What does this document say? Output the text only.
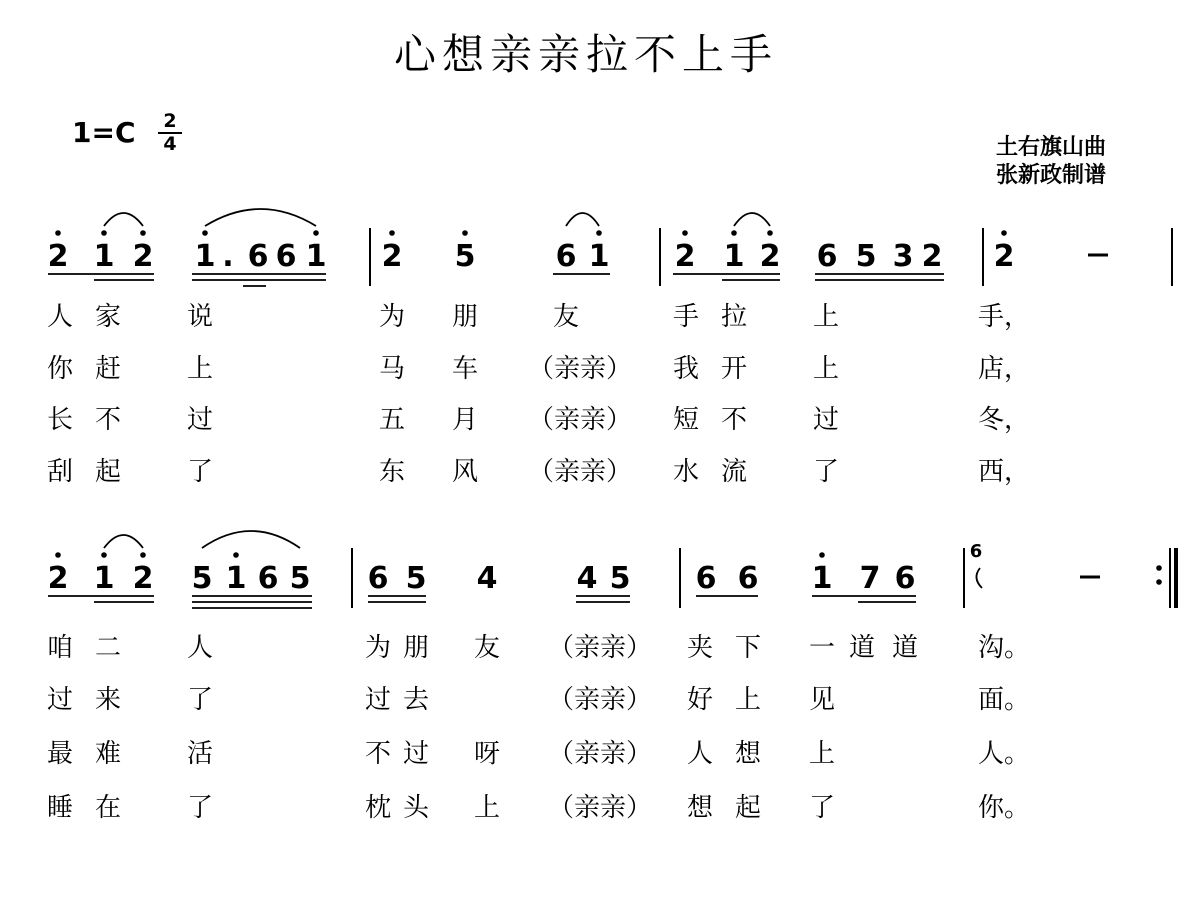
心想亲亲拉不上手
1=C 2
4	土右旗山曲
张新政制谱
2 1 2 1 . 6 6 1 2 5	6 1 2 1 2 6 5 3 2 2
人 家	说	为 朋	友	手 拉	上	手，
你 赶	上	马 车 （亲亲） 我 开	上	店，
长 不	过	五 月 （亲亲） 短 不	过	冬，
刮 起	了	东 风 （亲亲） 水 流	了	西，
2 1 2 5 1 6 5 6 5 4	4 5 6 6 1 7 6
6
咱 二	人	为 朋 友 （亲亲） 夹 下 一 道 道 沟。
过 来	了	过 去	（亲亲） 好 上 见	面。
最 难	活	不 过 呀 （亲亲） 人 想 上	人。
睡 在	了	枕 头 上 （亲亲） 想 起 了	你。
